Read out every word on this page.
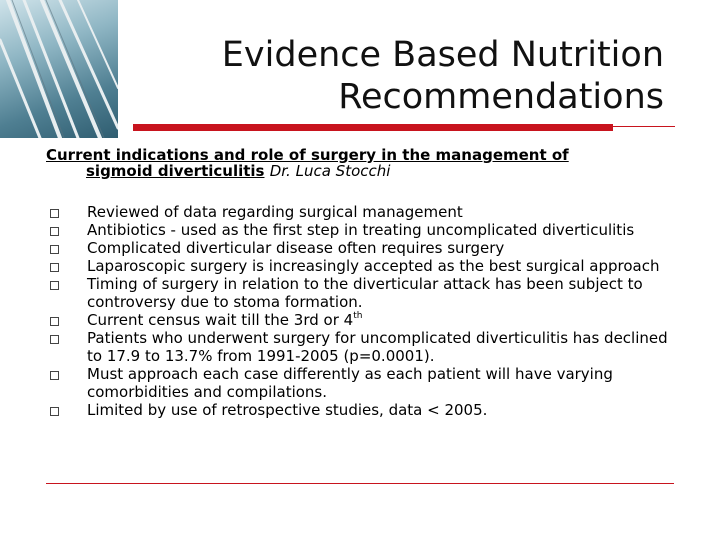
Evidence Based Nutrition
Recommendations
Current indications and role of surgery in the management of
sigmoid diverticulitis Dr. Luca Stocchi
Reviewed of data regarding surgical management
Antibiotics - used as the first step in treating uncomplicated diverticulitis
Complicated diverticular disease often requires surgery
Laparoscopic surgery is increasingly accepted as the best surgical approach
Timing of surgery in relation to the diverticular attack has been subject to controversy due to stoma formation.
Current census wait till the 3rd or 4th
Patients who underwent surgery for uncomplicated diverticulitis has declined to 17.9 to 13.7% from 1991-2005 (p=0.0001).
Must approach each case differently as each patient will have varying comorbidities and compilations.
Limited by use of retrospective studies, data < 2005.
